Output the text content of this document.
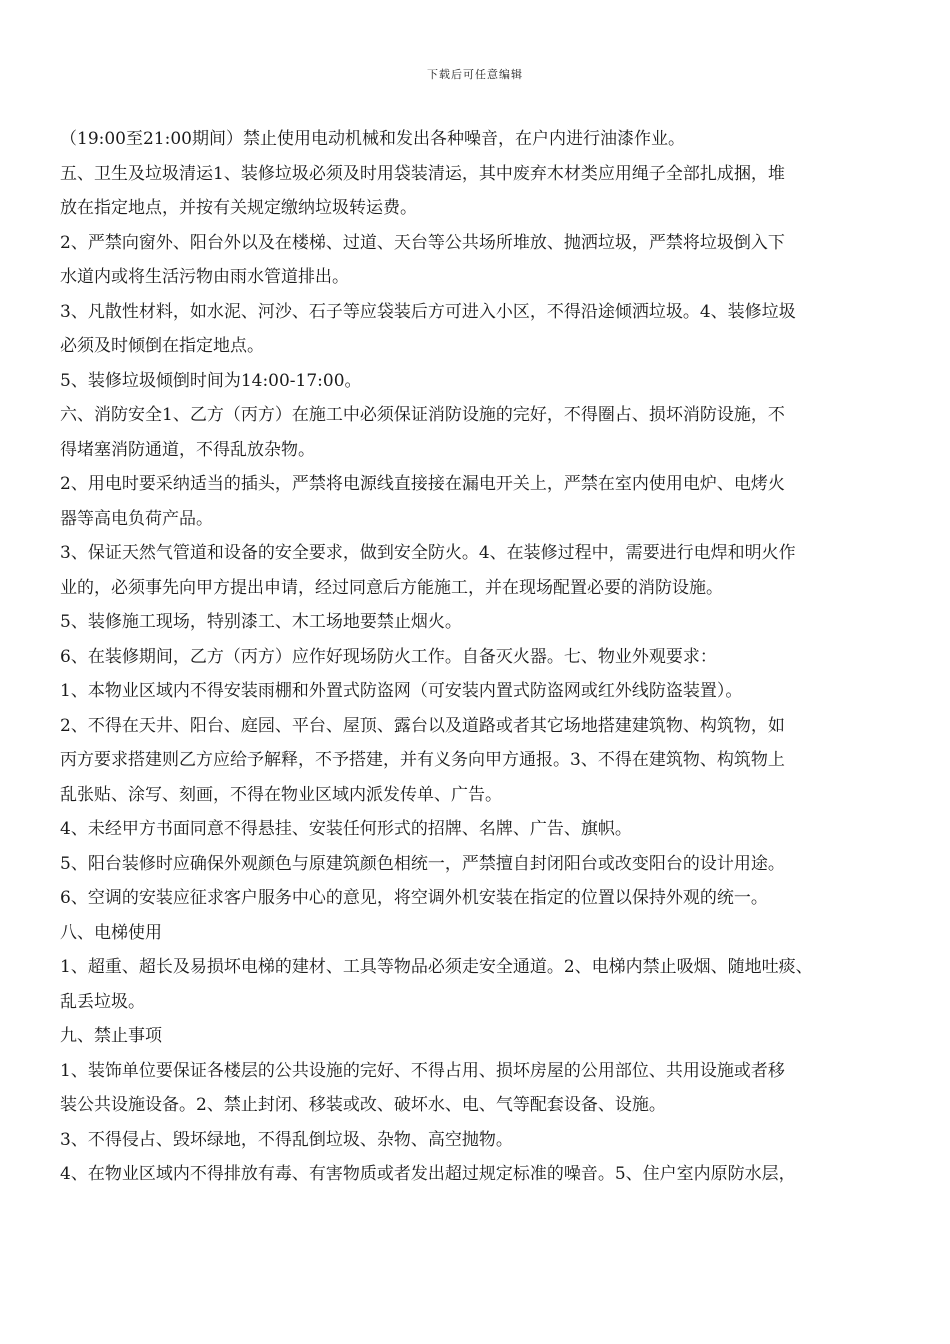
下载后可任意编辑
（19:00至21:00期间）禁止使用电动机械和发出各种噪音，在户内进行油漆作业。
五、卫生及垃圾清运1、装修垃圾必须及时用袋装清运，其中废弃木材类应用绳子全部扎成捆，堆
放在指定地点，并按有关规定缴纳垃圾转运费。
2、严禁向窗外、阳台外以及在楼梯、过道、天台等公共场所堆放、抛洒垃圾，严禁将垃圾倒入下
水道内或将生活污物由雨水管道排出。
3、凡散性材料，如水泥、河沙、石子等应袋装后方可进入小区，不得沿途倾洒垃圾。4、装修垃圾
必须及时倾倒在指定地点。
5、装修垃圾倾倒时间为14:00-17:00。
六、消防安全1、乙方（丙方）在施工中必须保证消防设施的完好，不得圈占、损坏消防设施，不
得堵塞消防通道，不得乱放杂物。
2、用电时要采纳适当的插头，严禁将电源线直接接在漏电开关上，严禁在室内使用电炉、电烤火
器等高电负荷产品。
3、保证天然气管道和设备的安全要求，做到安全防火。4、在装修过程中，需要进行电焊和明火作
业的，必须事先向甲方提出申请，经过同意后方能施工，并在现场配置必要的消防设施。
5、装修施工现场，特别漆工、木工场地要禁止烟火。
6、在装修期间，乙方（丙方）应作好现场防火工作。自备灭火器。七、物业外观要求：
1、本物业区域内不得安装雨棚和外置式防盗网（可安装内置式防盗网或红外线防盗装置）。
2、不得在天井、阳台、庭园、平台、屋顶、露台以及道路或者其它场地搭建建筑物、构筑物，如
丙方要求搭建则乙方应给予解释，不予搭建，并有义务向甲方通报。3、不得在建筑物、构筑物上
乱张贴、涂写、刻画，不得在物业区域内派发传单、广告。
4、未经甲方书面同意不得悬挂、安装任何形式的招牌、名牌、广告、旗帜。
5、阳台装修时应确保外观颜色与原建筑颜色相统一，严禁擅自封闭阳台或改变阳台的设计用途。
6、空调的安装应征求客户服务中心的意见，将空调外机安装在指定的位置以保持外观的统一。
八、电梯使用
1、超重、超长及易损坏电梯的建材、工具等物品必须走安全通道。2、电梯内禁止吸烟、随地吐痰、
乱丢垃圾。
九、禁止事项
1、装饰单位要保证各楼层的公共设施的完好、不得占用、损坏房屋的公用部位、共用设施或者移
装公共设施设备。2、禁止封闭、移装或改、破坏水、电、气等配套设备、设施。
3、不得侵占、毁坏绿地，不得乱倒垃圾、杂物、高空抛物。
4、在物业区域内不得排放有毒、有害物质或者发出超过规定标准的噪音。5、住户室内原防水层，
